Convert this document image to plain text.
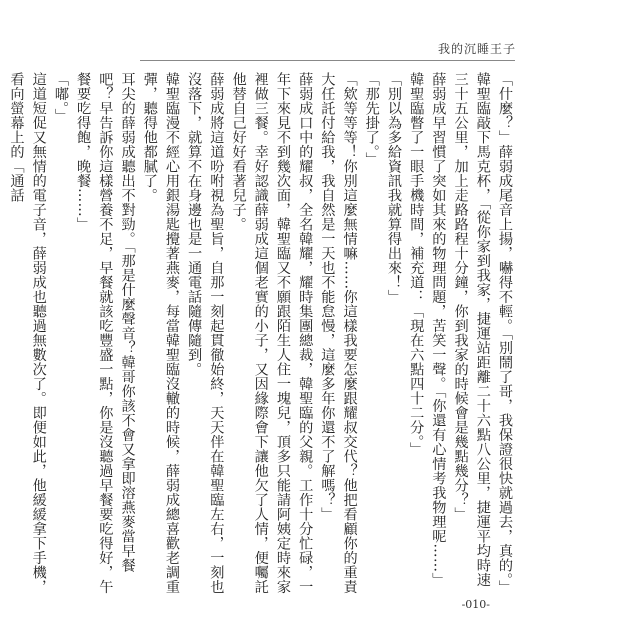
我的沉睡王子

「什麼？」薛弱成尾音上揚，嚇得不輕。「別鬧了哥，我保證很快就過去，真的。」

韓聖臨敲下馬克杯，「從你家到我家，捷運站距離二十六點八公里，捷運平均時速三十五公里，加上走路路程十分鐘，你到我家的時候會是幾點幾分？」

薛弱成早習慣了突如其來的物理問題，苦笑一聲。「你還有心情考我物理呢……」

韓聖臨瞥了一眼手機時間，補充道：「現在六點四十二分。」

「別以為多給資訊我就算得出來！」

「那先掛了。」

「欸等等等！你別這麼無情嘛……你這樣我要怎麼跟耀叔交代？他把看顧你的重責大任託付給我，我自然是一天也不能怠慢，這麼多年你還不了解嗎？」

薛弱成口中的耀叔，全名韓耀，耀時集團總裁，韓聖臨的父親。工作十分忙碌，一年下來見不到幾次面，韓聖臨又不願跟陌生人住一塊兒，頂多只能請阿姨定時來家裡做三餐。幸好認識薛弱成這個老實的小子，又因緣際會下讓他欠了人情，便囑託他替自己好好看著兒子。

薛弱成將這道吩咐視為聖旨，自那一刻起貫徹始終，天天伴在韓聖臨左右，一刻也沒落下，就算不在身邊也是一通電話隨傳隨到。

韓聖臨漫不經心用銀湯匙攪著燕麥，每當韓聖臨沒轍的時候，薛弱成總喜歡老調重彈，聽得他都膩了。

耳尖的薛弱成聽出不對勁。「那是什麼聲音？韓哥你該不會又拿即溶燕麥當早餐吧？早告訴你這樣營養不足，早餐就該吃豐盛一點，你是沒聽過早餐要吃得好，午餐要吃得飽，晚餐……」

「嘟。」

這道短促又無情的電子音，薛弱成也聽過無數次了。即便如此，他緩緩拿下手機，看向螢幕上的「通話

-010-
